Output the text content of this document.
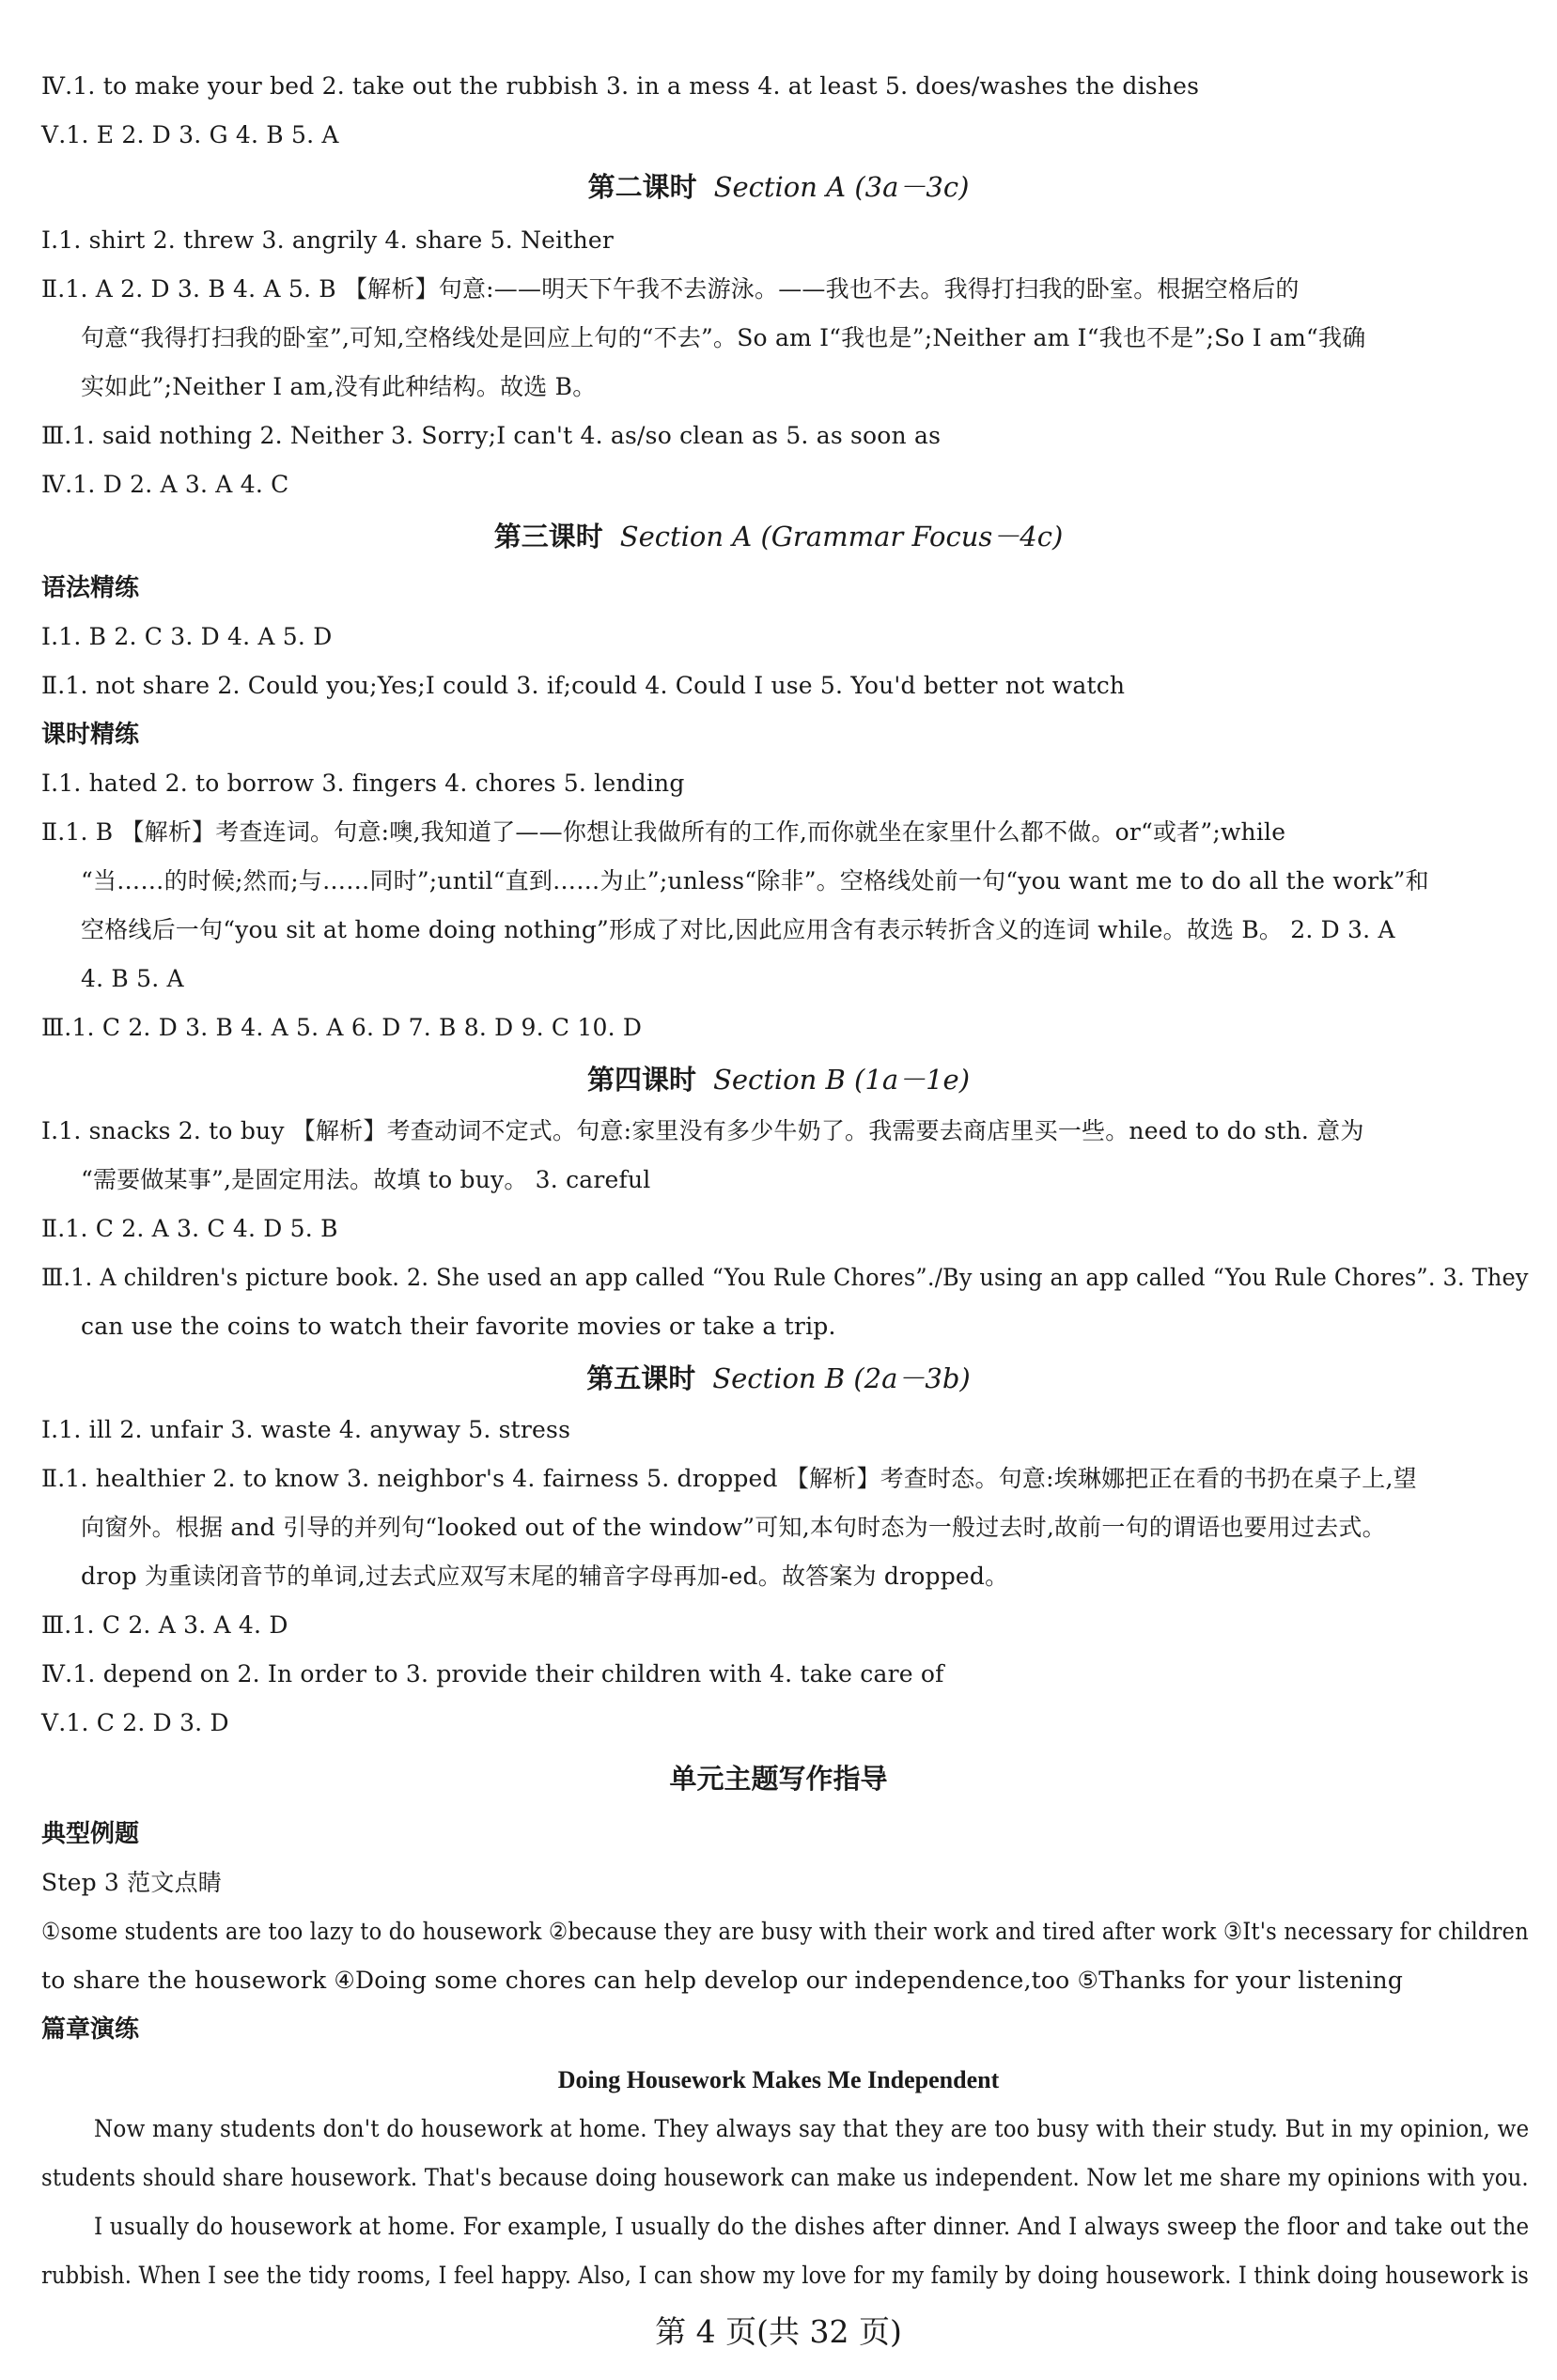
Ⅳ.1. to make your bed 2. take out the rubbish 3. in a mess 4. at least 5. does/washes the dishes
Ⅴ.1. E 2. D 3. G 4. B 5. A
第二课时 Section A (3a－3c)
Ⅰ.1. shirt 2. threw 3. angrily 4. share 5. Neither
Ⅱ.1. A 2. D 3. B 4. A 5. B 【解析】句意:——明天下午我不去游泳。——我也不去。我得打扫我的卧室。根据空格后的
句意“我得打扫我的卧室”,可知,空格线处是回应上句的“不去”。So am I“我也是”;Neither am I“我也不是”;So I am“我确
实如此”;Neither I am,没有此种结构。故选 B。
Ⅲ.1. said nothing 2. Neither 3. Sorry;I can't 4. as/so clean as 5. as soon as
Ⅳ.1. D 2. A 3. A 4. C
第三课时 Section A (Grammar Focus－4c)
语法精练
Ⅰ.1. B 2. C 3. D 4. A 5. D
Ⅱ.1. not share 2. Could you;Yes;I could 3. if;could 4. Could I use 5. You'd better not watch
课时精练
Ⅰ.1. hated 2. to borrow 3. fingers 4. chores 5. lending
Ⅱ.1. B 【解析】考查连词。句意:噢,我知道了——你想让我做所有的工作,而你就坐在家里什么都不做。or“或者”;while
“当……的时候;然而;与……同时”;until“直到……为止”;unless“除非”。空格线处前一句“you want me to do all the work”和
空格线后一句“you sit at home doing nothing”形成了对比,因此应用含有表示转折含义的连词 while。故选 B。 2. D 3. A
4. B 5. A
Ⅲ.1. C 2. D 3. B 4. A 5. A 6. D 7. B 8. D 9. C 10. D
第四课时 Section B (1a－1e)
Ⅰ.1. snacks 2. to buy 【解析】考查动词不定式。句意:家里没有多少牛奶了。我需要去商店里买一些。need to do sth. 意为
“需要做某事”,是固定用法。故填 to buy。 3. careful
Ⅱ.1. C 2. A 3. C 4. D 5. B
Ⅲ.1. A children's picture book. 2. She used an app called “You Rule Chores”./By using an app called “You Rule Chores”. 3. They
can use the coins to watch their favorite movies or take a trip.
第五课时 Section B (2a－3b)
Ⅰ.1. ill 2. unfair 3. waste 4. anyway 5. stress
Ⅱ.1. healthier 2. to know 3. neighbor's 4. fairness 5. dropped 【解析】考查时态。句意:埃琳娜把正在看的书扔在桌子上,望
向窗外。根据 and 引导的并列句“looked out of the window”可知,本句时态为一般过去时,故前一句的谓语也要用过去式。
drop 为重读闭音节的单词,过去式应双写末尾的辅音字母再加-ed。故答案为 dropped。
Ⅲ.1. C 2. A 3. A 4. D
Ⅳ.1. depend on 2. In order to 3. provide their children with 4. take care of
Ⅴ.1. C 2. D 3. D
单元主题写作指导
典型例题
Step 3 范文点睛
①some students are too lazy to do housework ②because they are busy with their work and tired after work ③It's necessary for children
to share the housework ④Doing some chores can help develop our independence,too ⑤Thanks for your listening
篇章演练
Doing Housework Makes Me Independent
Now many students don't do housework at home. They always say that they are too busy with their study. But in my opinion, we
students should share housework. That's because doing housework can make us independent. Now let me share my opinions with you.
I usually do housework at home. For example, I usually do the dishes after dinner. And I always sweep the floor and take out the
rubbish. When I see the tidy rooms, I feel happy. Also, I can show my love for my family by doing housework. I think doing housework is
第 4 页(共 32 页)
